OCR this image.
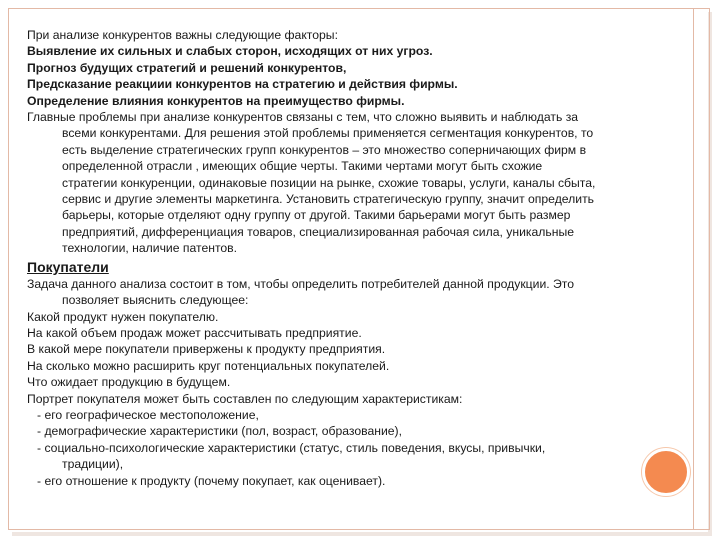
При анализе конкурентов важны следующие факторы:
Выявление их сильных и слабых сторон, исходящих от них угроз.
Прогноз будущих стратегий и решений конкурентов,
Предсказание реакциии конкурентов на стратегию и действия фирмы.
Определение влияния конкурентов на преимущество фирмы.
Главные проблемы при анализе конкурентов связаны с тем, что сложно выявить и наблюдать за
всеми конкурентами. Для решения этой проблемы применяется сегментация конкурентов, то
есть выделение стратегических групп конкурентов – это множество соперничающих фирм в
определенной отрасли , имеющих общие черты. Такими чертами могут быть схожие
стратегии конкуренции, одинаковые позиции на рынке, схожие товары, услуги, каналы сбыта,
сервис и другие элементы маркетинга. Установить стратегическую группу, значит определить
барьеры, которые отделяют одну группу от другой. Такими барьерами могут быть размер
предприятий, дифференциация товаров, специализированная рабочая сила, уникальные
технологии, наличие патентов.
Покупатели
Задача данного анализа состоит в том, чтобы определить потребителей данной продукции. Это
позволяет выяснить следующее:
Какой продукт нужен покупателю.
На какой объем продаж может рассчитывать предприятие.
В какой мере покупатели привержены к продукту предприятия.
На сколько можно расширить круг потенциальных покупателей.
Что ожидает продукцию в будущем.
Портрет покупателя может быть составлен по следующим характеристикам:
- его географическое местоположение,
- демографические характеристики (пол, возраст, образование),
- социально-психологические характеристики (статус, стиль поведения, вкусы, привычки,
традиции),
- его отношение к продукту (почему покупает, как оценивает).
